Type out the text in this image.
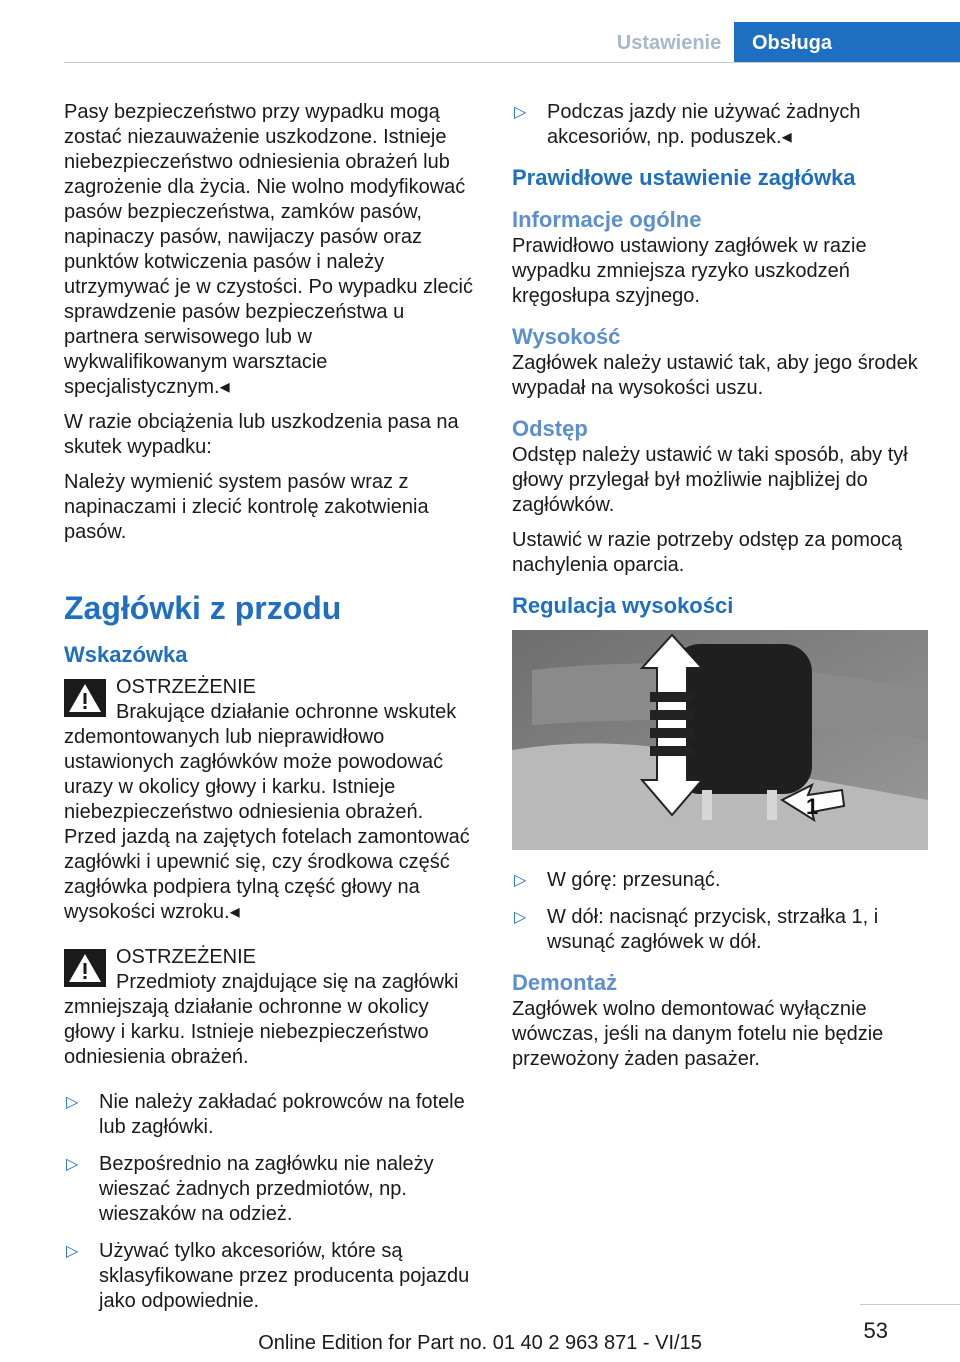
Ustawienie	Obsługa

Pasy bezpieczeństwo przy wypadku mogą zostać niezauważenie uszkodzone. Istnieje niebezpieczeństwo odniesienia obrażeń lub zagrożenie dla życia. Nie wolno modyfikować pasów bezpieczeństwa, zamków pasów, napinaczy pasów, nawijaczy pasów oraz punktów kotwiczenia pasów i należy utrzymywać je w czystości. Po wypadku zlecić sprawdzenie pasów bezpieczeństwa u partnera serwisowego lub w wykwalifikowanym warsztacie specjalistycznym.◂

W razie obciążenia lub uszkodzenia pasa na skutek wypadku:

Należy wymienić system pasów wraz z napinaczami i zlecić kontrolę zakotwienia pasów.

Zagłówki z przodu
Wskazówka

OSTRZEŻENIE

Brakujące działanie ochronne wskutek

zdemontowanych lub nieprawidłowo ustawionych zagłówków może powodować urazy w okolicy głowy i karku. Istnieje niebezpieczeństwo odniesienia obrażeń. Przed jazdą na zajętych fotelach zamontować zagłówki i upewnić się, czy środkowa część zagłówka podpiera tylną część głowy na wysokości wzroku.◂

OSTRZEŻENIE

Przedmioty znajdujące się na zagłówki

zmniejszają działanie ochronne w okolicy głowy i karku. Istnieje niebezpieczeństwo odniesienia obrażeń.

▷ Nie należy zakładać pokrowców na fotele lub zagłówki.
▷ Bezpośrednio na zagłówku nie należy wieszać żadnych przedmiotów, np. wieszaków na odzież.
▷ Używać tylko akcesoriów, które są sklasyfikowane przez producenta pojazdu jako odpowiednie.
▷ Podczas jazdy nie używać żadnych akcesoriów, np. poduszek.◂
Prawidłowe ustawienie zagłówka
Informacje ogólne

Prawidłowo ustawiony zagłówek w razie wypadku zmniejsza ryzyko uszkodzeń kręgosłupa szyjnego.

Wysokość

Zagłówek należy ustawić tak, aby jego środek wypadał na wysokości uszu.

Odstęp

Odstęp należy ustawić w taki sposób, aby tył głowy przylegał był możliwie najbliżej do zagłówków.

Ustawić w razie potrzeby odstęp za pomocą nachylenia oparcia.

Regulacja wysokości
1
▷ W górę: przesunąć.
▷ W dół: nacisnąć przycisk, strzałka 1, i wsunąć zagłówek w dół.
Demontaż

Zagłówek wolno demontować wyłącznie wówczas, jeśli na danym fotelu nie będzie przewożony żaden pasażer.

53
Online Edition for Part no. 01 40 2 963 871 - VI/15
